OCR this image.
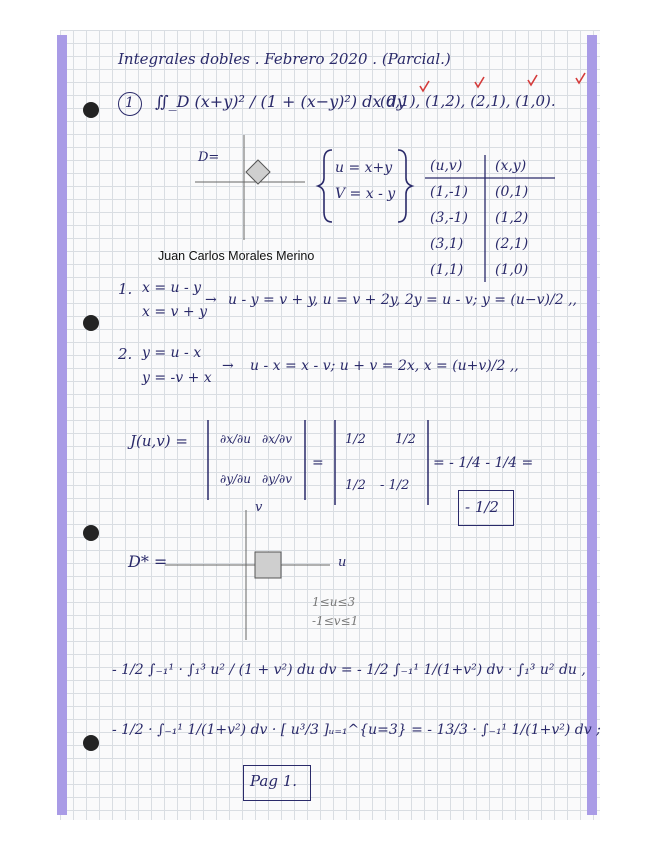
Integrales dobles . Febrero 2020 . (Parcial.)
1 ∬_D (x+y)² / (1 + (x−y)²) dx dy
(0,1), (1,2), (2,1), (1,0).
D=
u = x+y
V = x - y
(u,v) (x,y)
(1,-1) (0,1)
(3,-1) (1,2)
(3,1) (2,1)
(1,1) (1,0)
Juan Carlos Morales Merino
1. x = u - y
x = v + y
→ u - y = v + y, u = v + 2y, 2y = u - v; y = (u−v)/2 ,,
2. y = u - x
y = -v + x
→ u - x = x - v; u + v = 2x, x = (u+v)/2 ,,
J(u,v) =	∂x/∂u ∂x/∂v
∂y/∂u ∂y/∂v
=
1/2 1/2
1/2 - 1/2
= - 1/4 - 1/4 =
- 1/2
D* =	u
v
1≤u≤3
-1≤v≤1
- 1/2 ∫₋₁¹ · ∫₁³ u² / (1 + v²) du dv = - 1/2 ∫₋₁¹ 1/(1+v²) dv · ∫₁³ u² du ,
- 1/2 · ∫₋₁¹ 1/(1+v²) dv · [ u³/3 ]ᵤ₌₁^{u=3} = - 13/3 · ∫₋₁¹ 1/(1+v²) dv ;
Pag 1.
